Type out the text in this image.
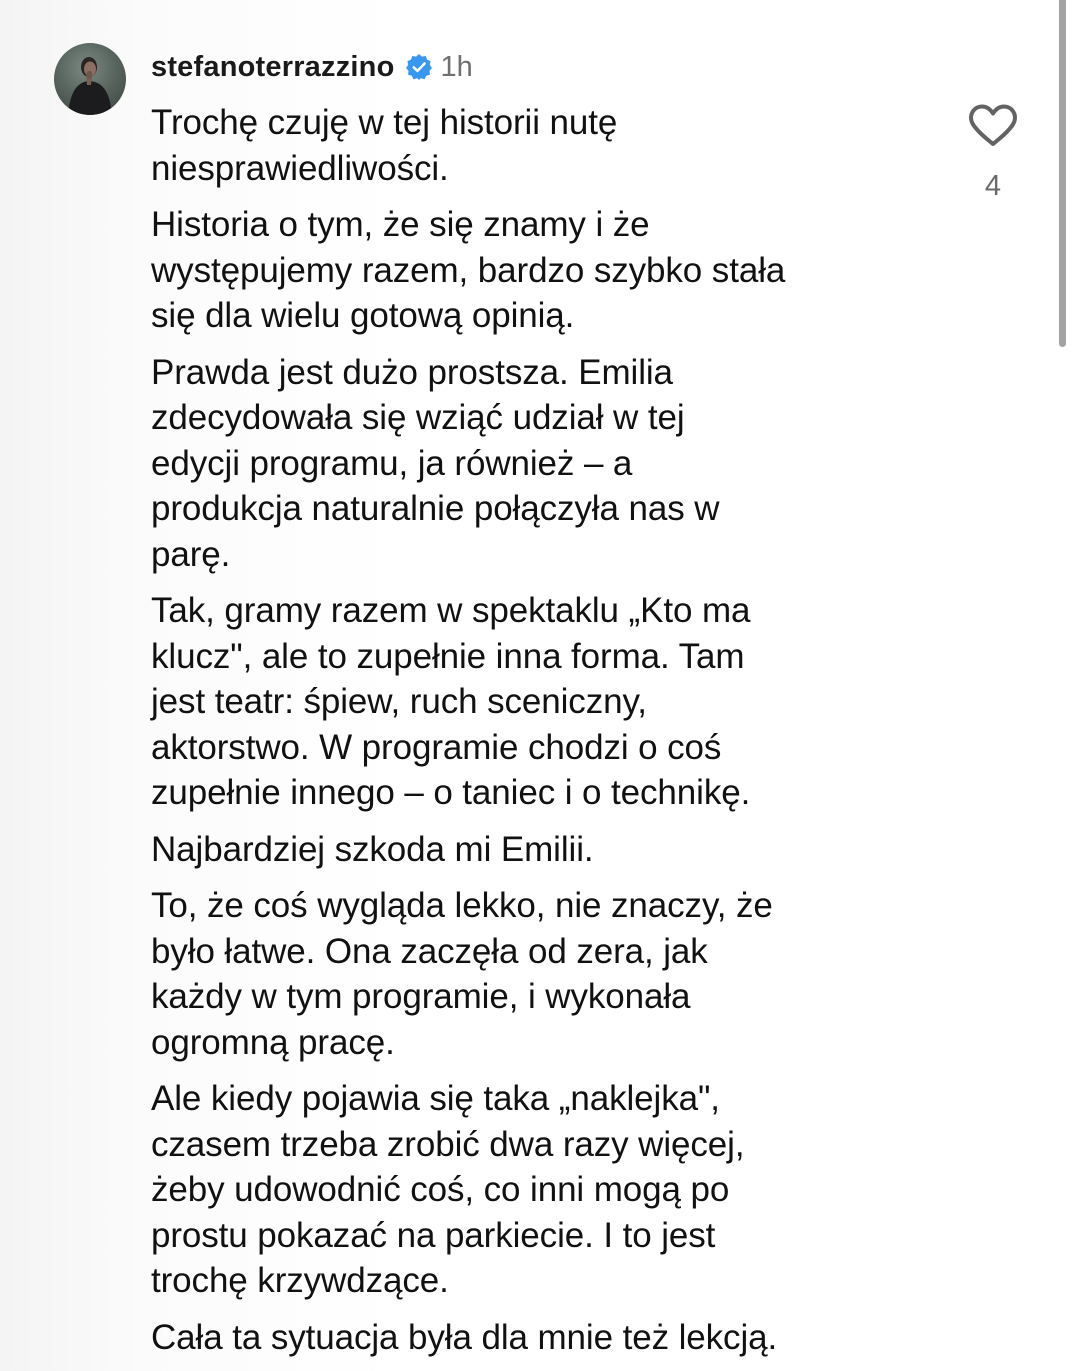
stefanoterrazzino 1h

Trochę czuję w tej historii nutę
niesprawiedliwości.

Historia o tym, że się znamy i że
występujemy razem, bardzo szybko stała
się dla wielu gotową opinią.

Prawda jest dużo prostsza. Emilia
zdecydowała się wziąć udział w tej
edycji programu, ja również – a
produkcja naturalnie połączyła nas w
parę.

Tak, gramy razem w spektaklu „Kto ma
klucz", ale to zupełnie inna forma. Tam
jest teatr: śpiew, ruch sceniczny,
aktorstwo. W programie chodzi o coś
zupełnie innego – o taniec i o technikę.

Najbardziej szkoda mi Emilii.

To, że coś wygląda lekko, nie znaczy, że
było łatwe. Ona zaczęła od zera, jak
każdy w tym programie, i wykonała
ogromną pracę.

Ale kiedy pojawia się taka „naklejka",
czasem trzeba zrobić dwa razy więcej,
żeby udowodnić coś, co inni mogą po
prostu pokazać na parkiecie. I to jest
trochę krzywdzące.

Cała ta sytuacja była dla mnie też lekcją.

4
